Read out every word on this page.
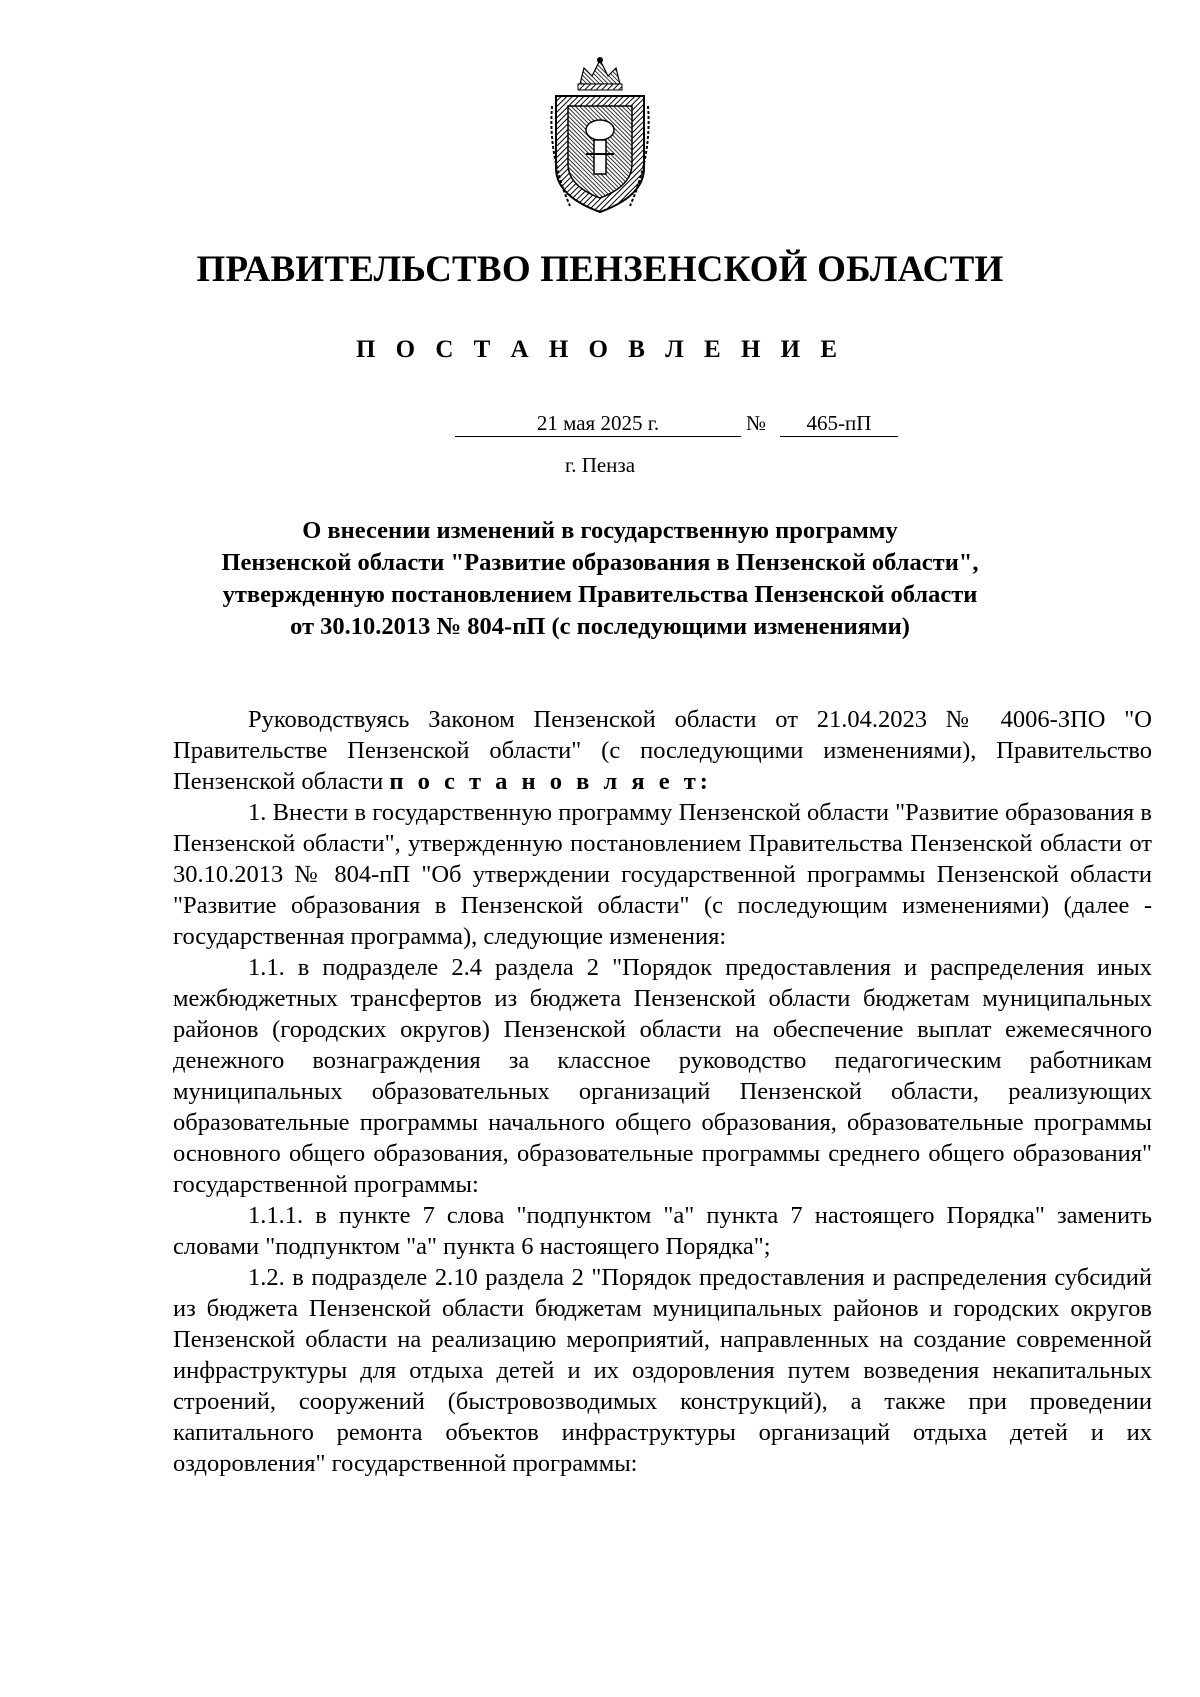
ПРАВИТЕЛЬСТВО ПЕНЗЕНСКОЙ ОБЛАСТИ
П О С Т А Н О В Л Е Н И Е
21 мая 2025 г.	№	465-пП
г. Пенза
О внесении изменений в государственную программу
Пензенской области "Развитие образования в Пензенской области",
утвержденную постановлением Правительства Пензенской области
от 30.10.2013 № 804-пП (с последующими изменениями)

Руководствуясь Законом Пензенской области от 21.04.2023 № 4006-ЗПО "О Правительстве Пензенской области" (с последующими изменениями), Правительство Пензенской области п о с т а н о в л я е т:

1. Внести в государственную программу Пензенской области "Развитие образования в Пензенской области", утвержденную постановлением Правительства Пензенской области от 30.10.2013 № 804-пП "Об утверждении государственной программы Пензенской области "Развитие образования в Пензенской области" (с последующим изменениями) (далее - государственная программа), следующие изменения:

1.1. в подразделе 2.4 раздела 2 "Порядок предоставления и распределения иных межбюджетных трансфертов из бюджета Пензенской области бюджетам муниципальных районов (городских округов) Пензенской области на обеспечение выплат ежемесячного денежного вознаграждения за классное руководство педагогическим работникам муниципальных образовательных организаций Пензенской области, реализующих образовательные программы начального общего образования, образовательные программы основного общего образования, образовательные программы среднего общего образования" государственной программы:

1.1.1. в пункте 7 слова "подпунктом "а" пункта 7 настоящего Порядка" заменить словами "подпунктом "а" пункта 6 настоящего Порядка";

1.2. в подразделе 2.10 раздела 2 "Порядок предоставления и распределения субсидий из бюджета Пензенской области бюджетам муниципальных районов и городских округов Пензенской области на реализацию мероприятий, направленных на создание современной инфраструктуры для отдыха детей и их оздоровления путем возведения некапитальных строений, сооружений (быстровозводимых конструкций), а также при проведении капитального ремонта объектов инфраструктуры организаций отдыха детей и их оздоровления" государственной программы:
